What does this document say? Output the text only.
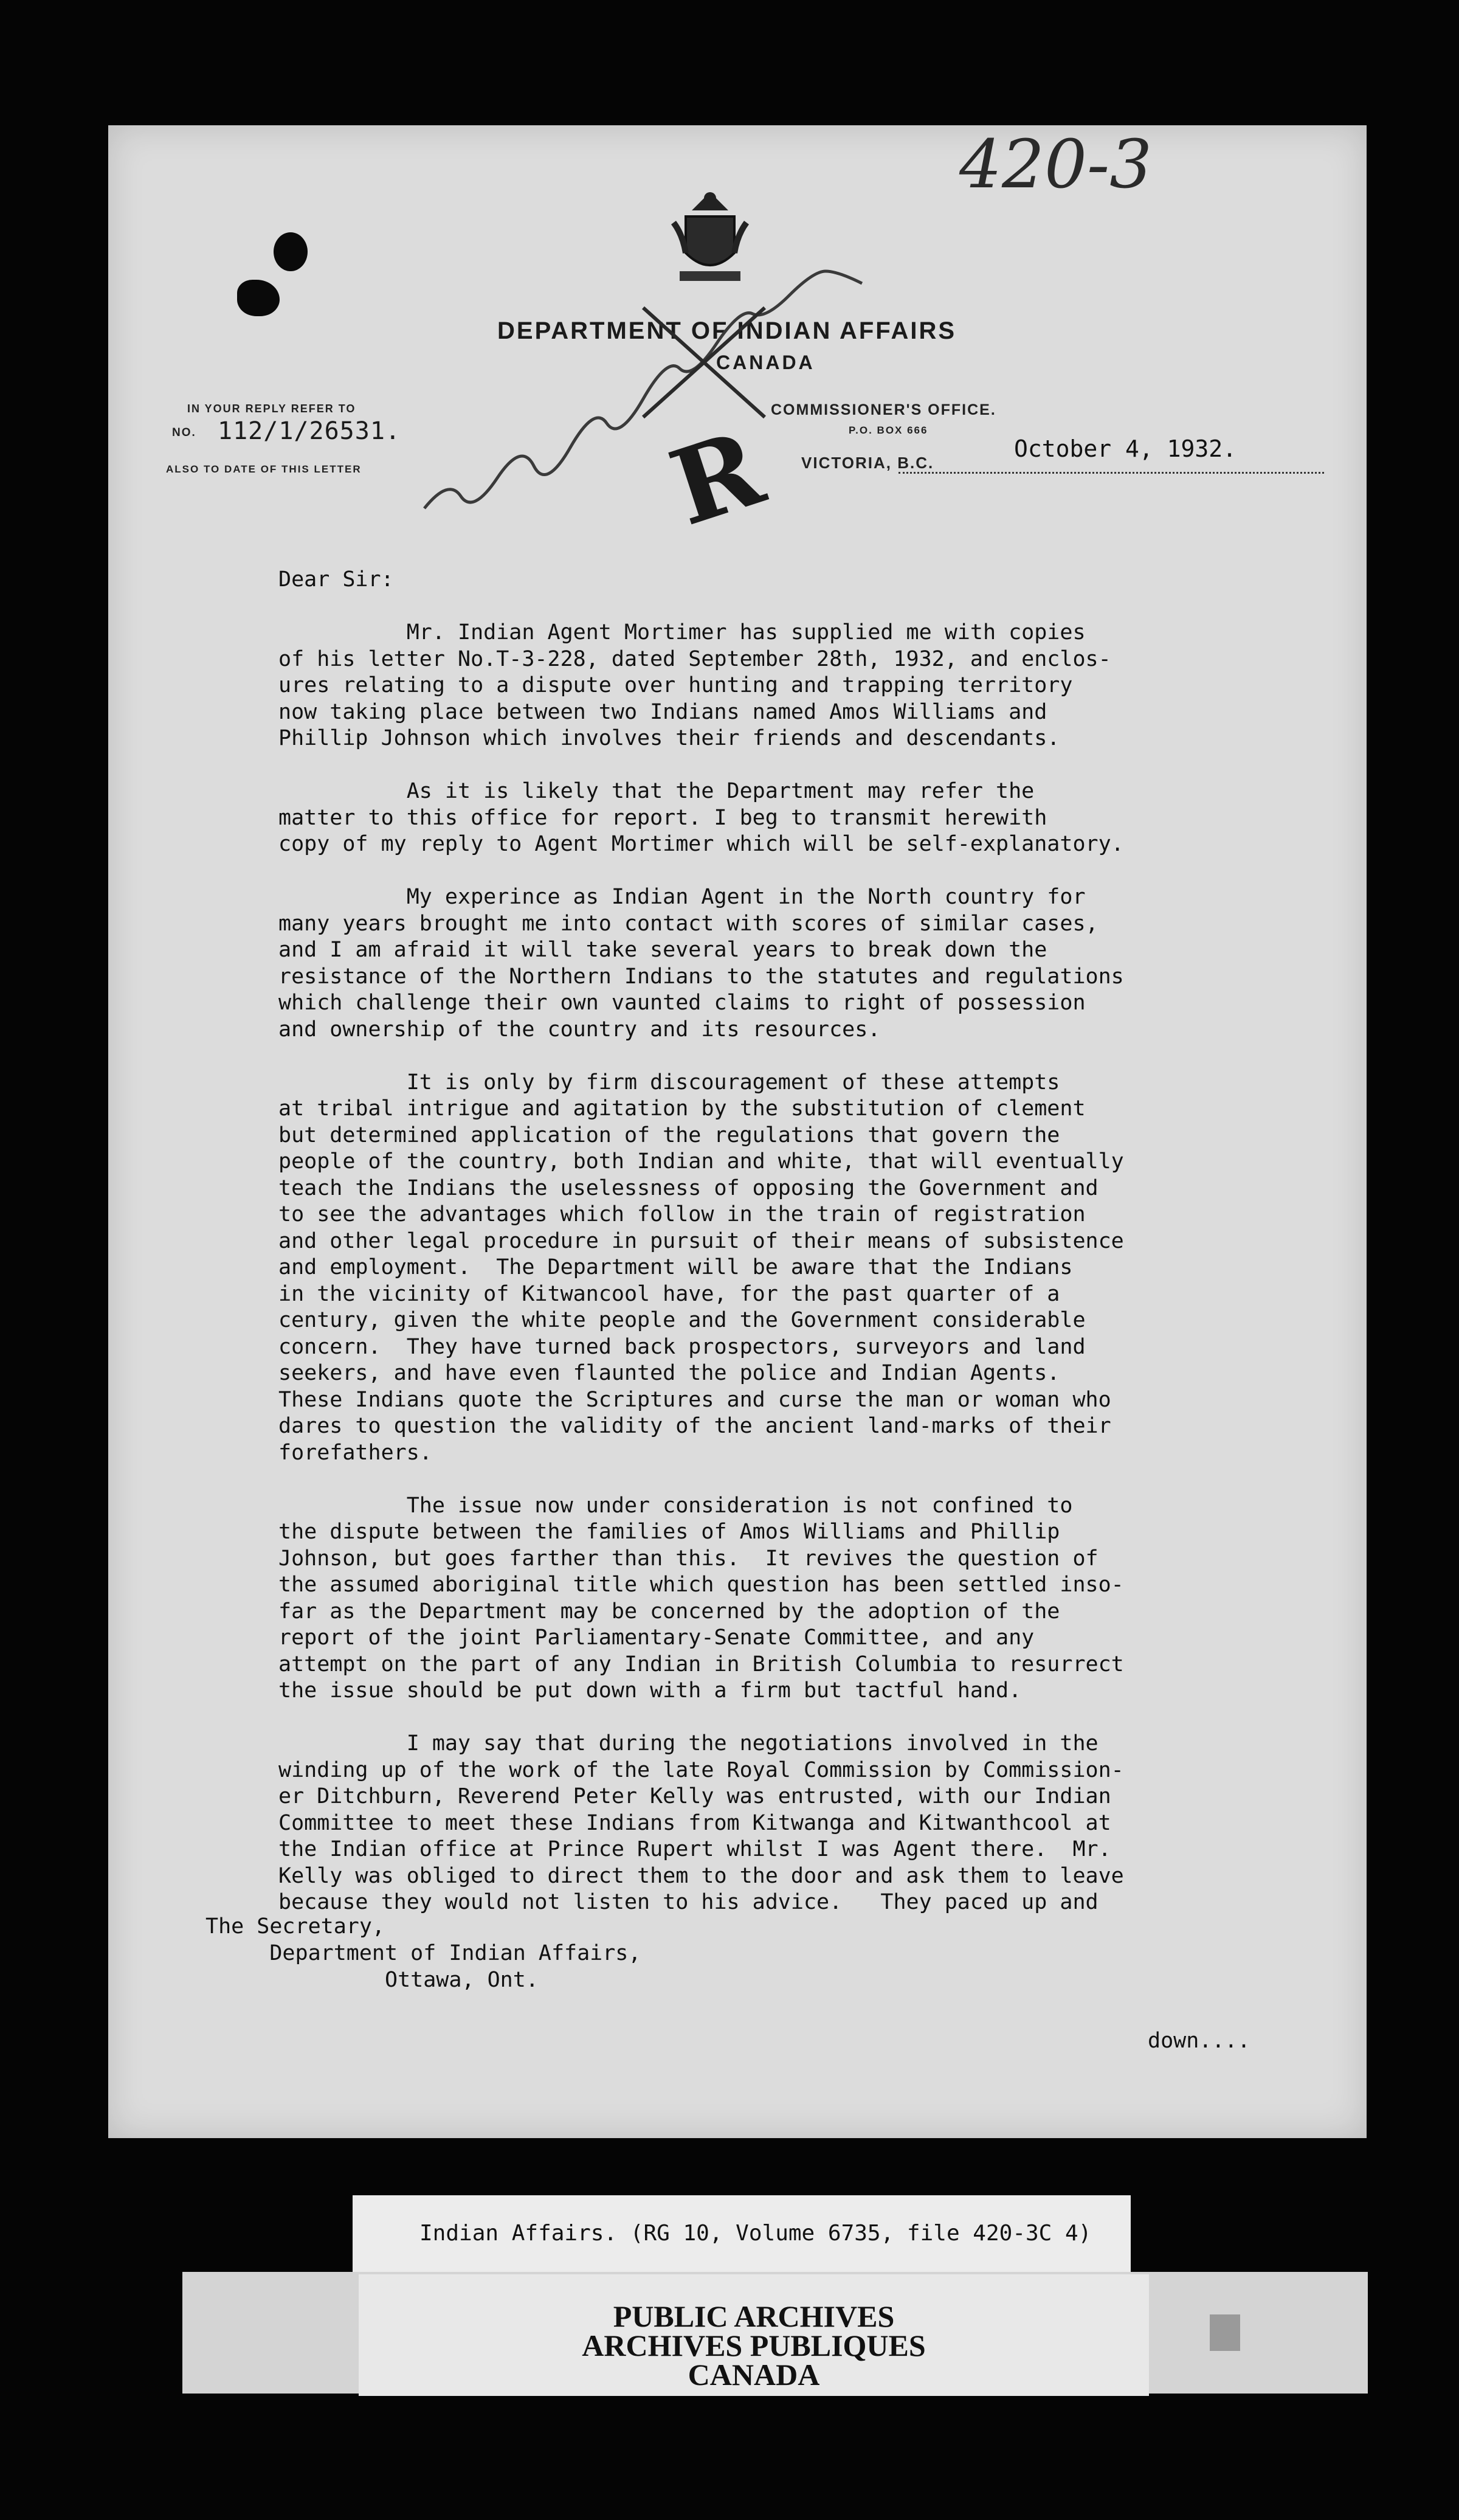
420-3
DEPARTMENT OF INDIAN AFFAIRS
CANADA
R
IN YOUR REPLY REFER TO
NO. 112/1/26531.
ALSO TO DATE OF THIS LETTER
COMMISSIONER'S OFFICE.
P.O. BOX 666
VICTORIA, B.C.
October 4, 1932.
Dear Sir:

Mr. Indian Agent Mortimer has supplied me with copies
of his letter No.T-3-228, dated September 28th, 1932, and enclos-
ures relating to a dispute over hunting and trapping territory
now taking place between two Indians named Amos Williams and
Phillip Johnson which involves their friends and descendants.

As it is likely that the Department may refer the
matter to this office for report. I beg to transmit herewith
copy of my reply to Agent Mortimer which will be self-explanatory.

My experince as Indian Agent in the North country for
many years brought me into contact with scores of similar cases,
and I am afraid it will take several years to break down the
resistance of the Northern Indians to the statutes and regulations
which challenge their own vaunted claims to right of possession
and ownership of the country and its resources.

It is only by firm discouragement of these attempts
at tribal intrigue and agitation by the substitution of clement
but determined application of the regulations that govern the
people of the country, both Indian and white, that will eventually
teach the Indians the uselessness of opposing the Government and
to see the advantages which follow in the train of registration
and other legal procedure in pursuit of their means of subsistence
and employment.  The Department will be aware that the Indians
in the vicinity of Kitwancool have, for the past quarter of a
century, given the white people and the Government considerable
concern.  They have turned back prospectors, surveyors and land
seekers, and have even flaunted the police and Indian Agents.
These Indians quote the Scriptures and curse the man or woman who
dares to question the validity of the ancient land-marks of their
forefathers.

The issue now under consideration is not confined to
the dispute between the families of Amos Williams and Phillip
Johnson, but goes farther than this.  It revives the question of
the assumed aboriginal title which question has been settled inso-
far as the Department may be concerned by the adoption of the
report of the joint Parliamentary-Senate Committee, and any
attempt on the part of any Indian in British Columbia to resurrect
the issue should be put down with a firm but tactful hand.

I may say that during the negotiations involved in the
winding up of the work of the late Royal Commission by Commission-
er Ditchburn, Reverend Peter Kelly was entrusted, with our Indian
Committee to meet these Indians from Kitwanga and Kitwanthcool at
the Indian office at Prince Rupert whilst I was Agent there.  Mr.
Kelly was obliged to direct them to the door and ask them to leave
because they would not listen to his advice.   They paced up and
The Secretary,
Department of Indian Affairs,
Ottawa, Ont.
down....
Indian Affairs. (RG 10, Volume 6735, file 420-3C 4)
PUBLIC ARCHIVES
ARCHIVES PUBLIQUES
CANADA
